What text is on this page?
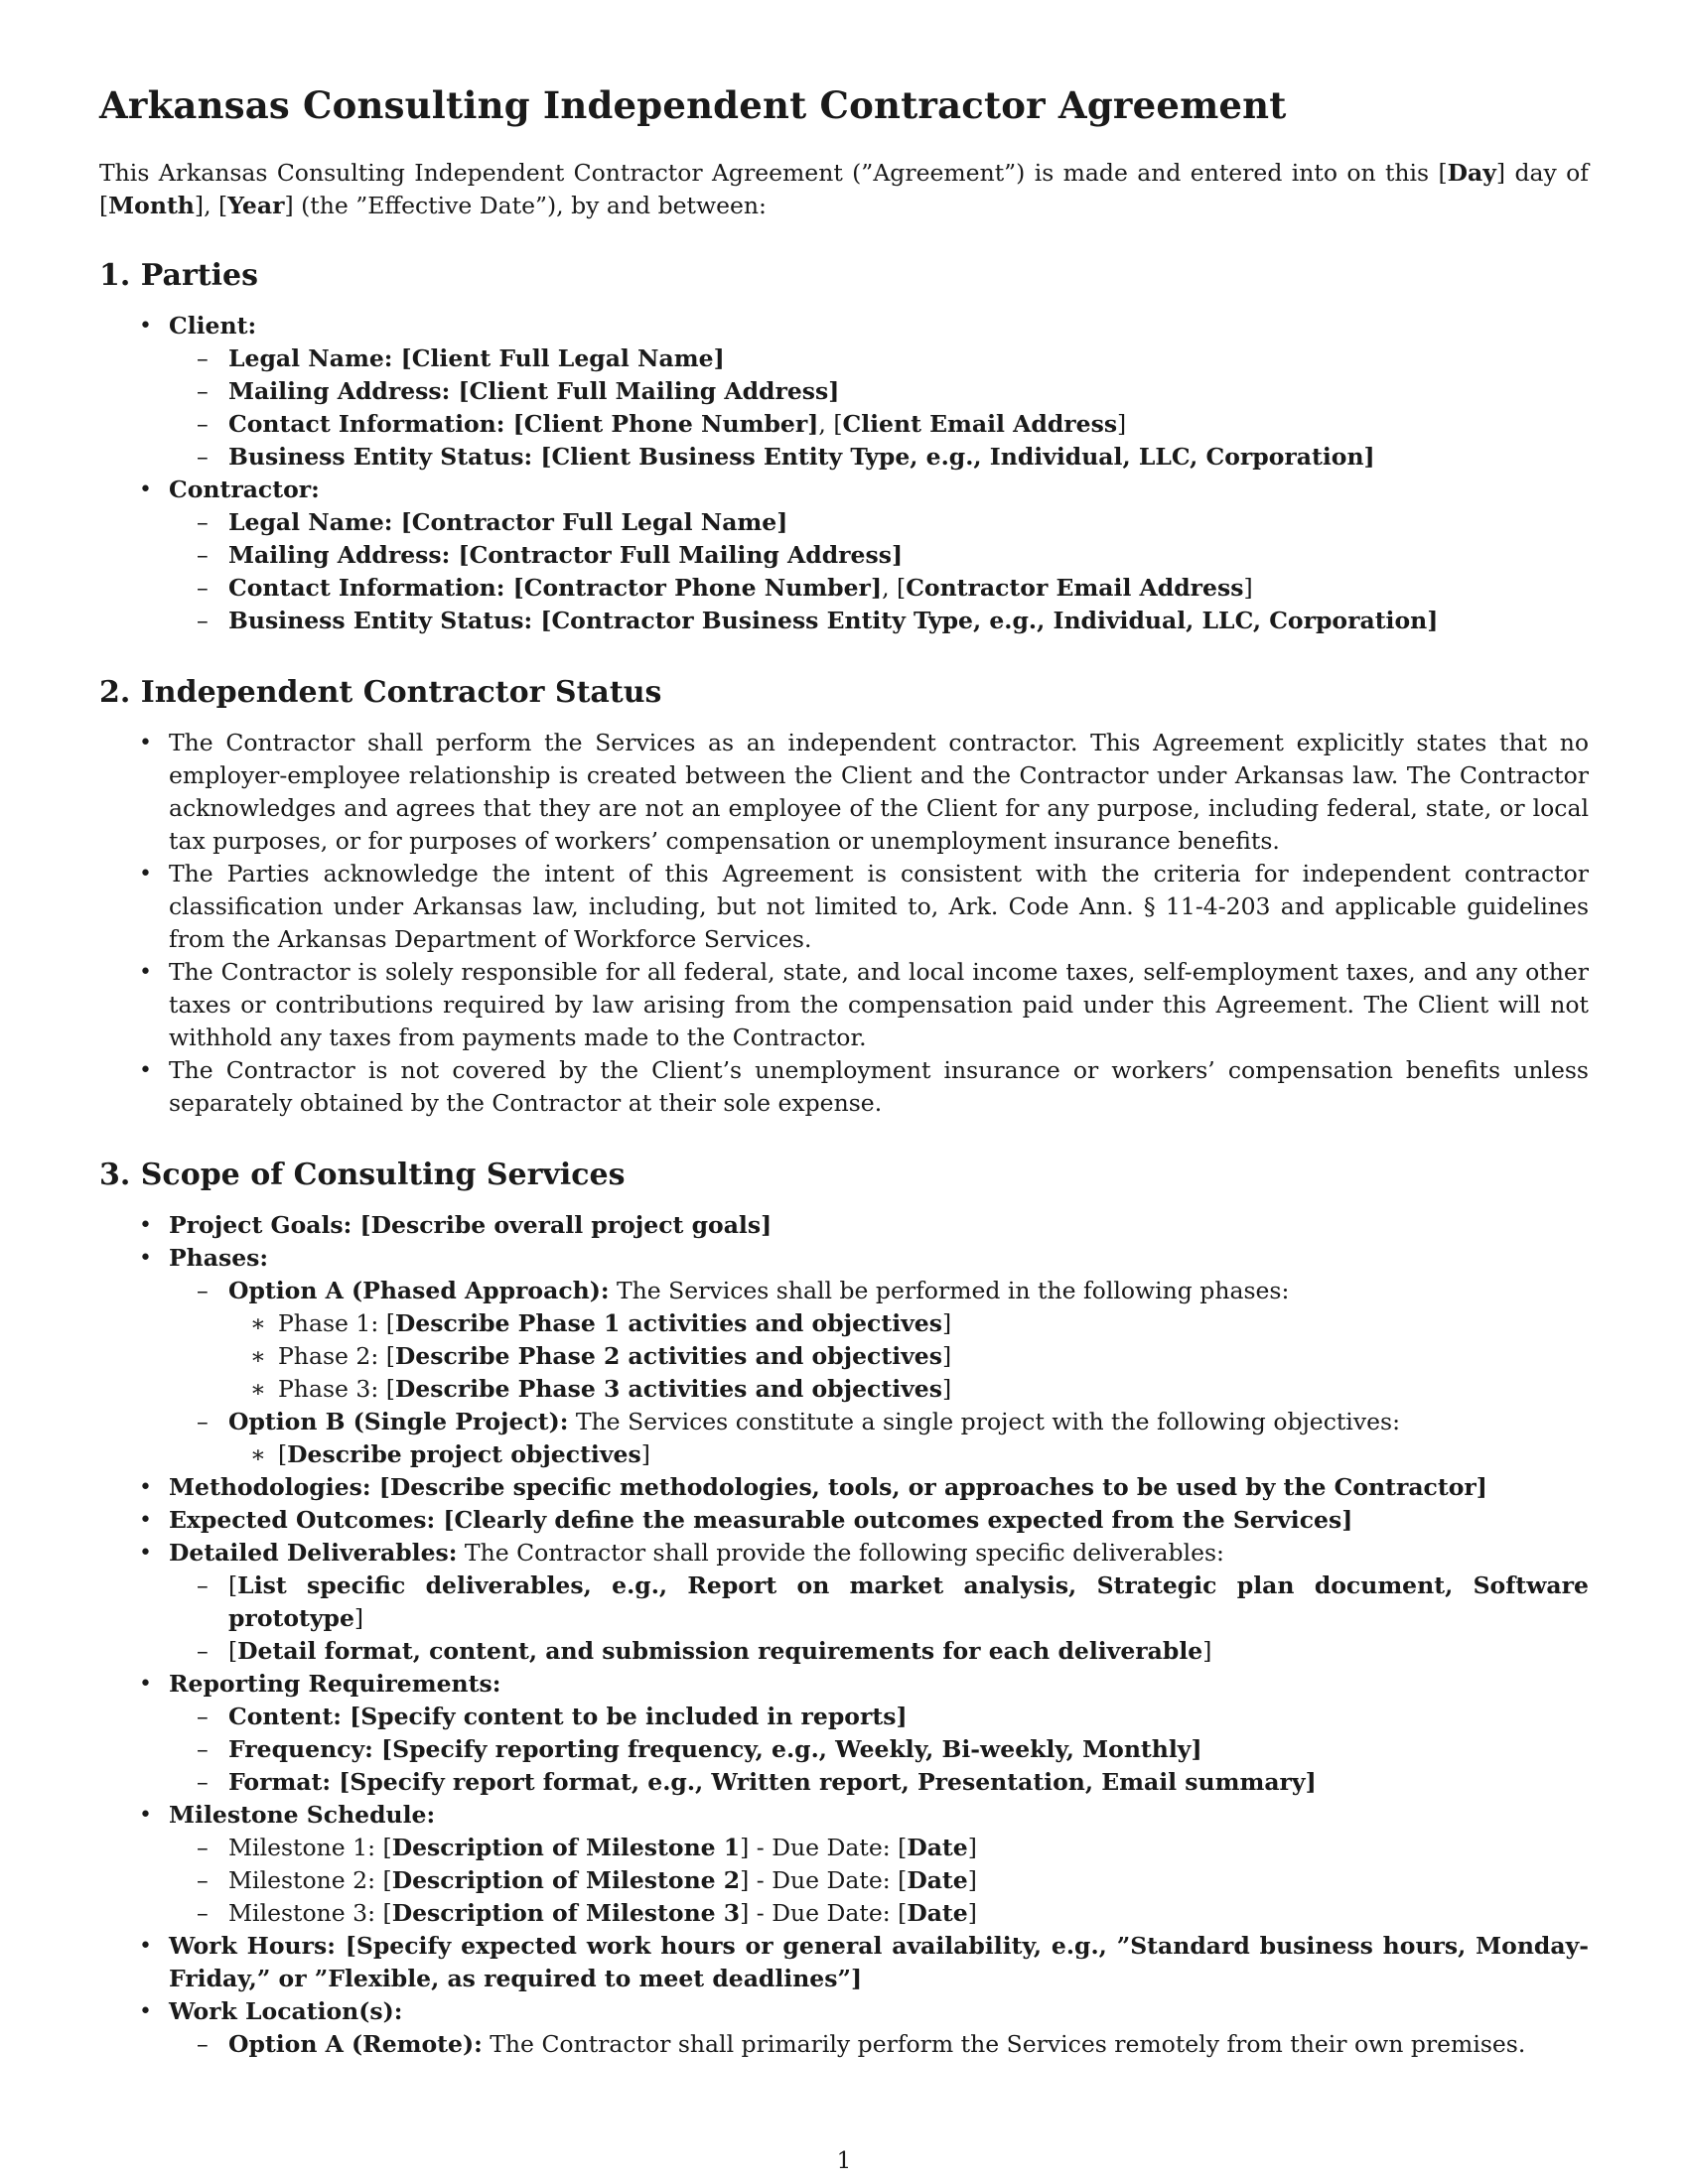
Arkansas Consulting Independent Contractor Agreement

This Arkansas Consulting Independent Contractor Agreement (”Agreement”) is made and entered into on this [Day] day of [Month], [Year] (the ”Effective Date”), by and between:

1. Parties
• Client:
– Legal Name: [Client Full Legal Name]
– Mailing Address: [Client Full Mailing Address]
– Contact Information: [Client Phone Number], [Client Email Address]
– Business Entity Status: [Client Business Entity Type, e.g., Individual, LLC, Corporation]
• Contractor:
– Legal Name: [Contractor Full Legal Name]
– Mailing Address: [Contractor Full Mailing Address]
– Contact Information: [Contractor Phone Number], [Contractor Email Address]
– Business Entity Status: [Contractor Business Entity Type, e.g., Individual, LLC, Corporation]
2. Independent Contractor Status
• The Contractor shall perform the Services as an independent contractor. This Agreement explicitly states that no employer-employee relationship is created between the Client and the Contractor under Arkansas law. The Contractor acknowledges and agrees that they are not an employee of the Client for any purpose, including federal, state, or local tax purposes, or for purposes of workers’ compensation or unemployment insurance benefits.
• The Parties acknowledge the intent of this Agreement is consistent with the criteria for independent contractor classification under Arkansas law, including, but not limited to, Ark. Code Ann. § 11-4-203 and applicable guidelines from the Arkansas Department of Workforce Services.
• The Contractor is solely responsible for all federal, state, and local income taxes, self-employment taxes, and any other taxes or contributions required by law arising from the compensation paid under this Agreement. The Client will not withhold any taxes from payments made to the Contractor.
• The Contractor is not covered by the Client’s unemployment insurance or workers’ compensation benefits unless separately obtained by the Contractor at their sole expense.
3. Scope of Consulting Services
• Project Goals: [Describe overall project goals]
• Phases:
– Option A (Phased Approach): The Services shall be performed in the following phases:
∗ Phase 1: [Describe Phase 1 activities and objectives]
∗ Phase 2: [Describe Phase 2 activities and objectives]
∗ Phase 3: [Describe Phase 3 activities and objectives]
– Option B (Single Project): The Services constitute a single project with the following objectives:
∗ [Describe project objectives]
• Methodologies: [Describe specific methodologies, tools, or approaches to be used by the Contractor]
• Expected Outcomes: [Clearly define the measurable outcomes expected from the Services]
• Detailed Deliverables: The Contractor shall provide the following specific deliverables:
– [List specific deliverables, e.g., Report on market analysis, Strategic plan document, Software prototype]
– [Detail format, content, and submission requirements for each deliverable]
• Reporting Requirements:
– Content: [Specify content to be included in reports]
– Frequency: [Specify reporting frequency, e.g., Weekly, Bi-weekly, Monthly]
– Format: [Specify report format, e.g., Written report, Presentation, Email summary]
• Milestone Schedule:
– Milestone 1: [Description of Milestone 1] - Due Date: [Date]
– Milestone 2: [Description of Milestone 2] - Due Date: [Date]
– Milestone 3: [Description of Milestone 3] - Due Date: [Date]
• Work Hours: [Specify expected work hours or general availability, e.g., ”Standard business hours, Monday-Friday,” or ”Flexible, as required to meet deadlines”]
• Work Location(s):
– Option A (Remote): The Contractor shall primarily perform the Services remotely from their own premises.
1
